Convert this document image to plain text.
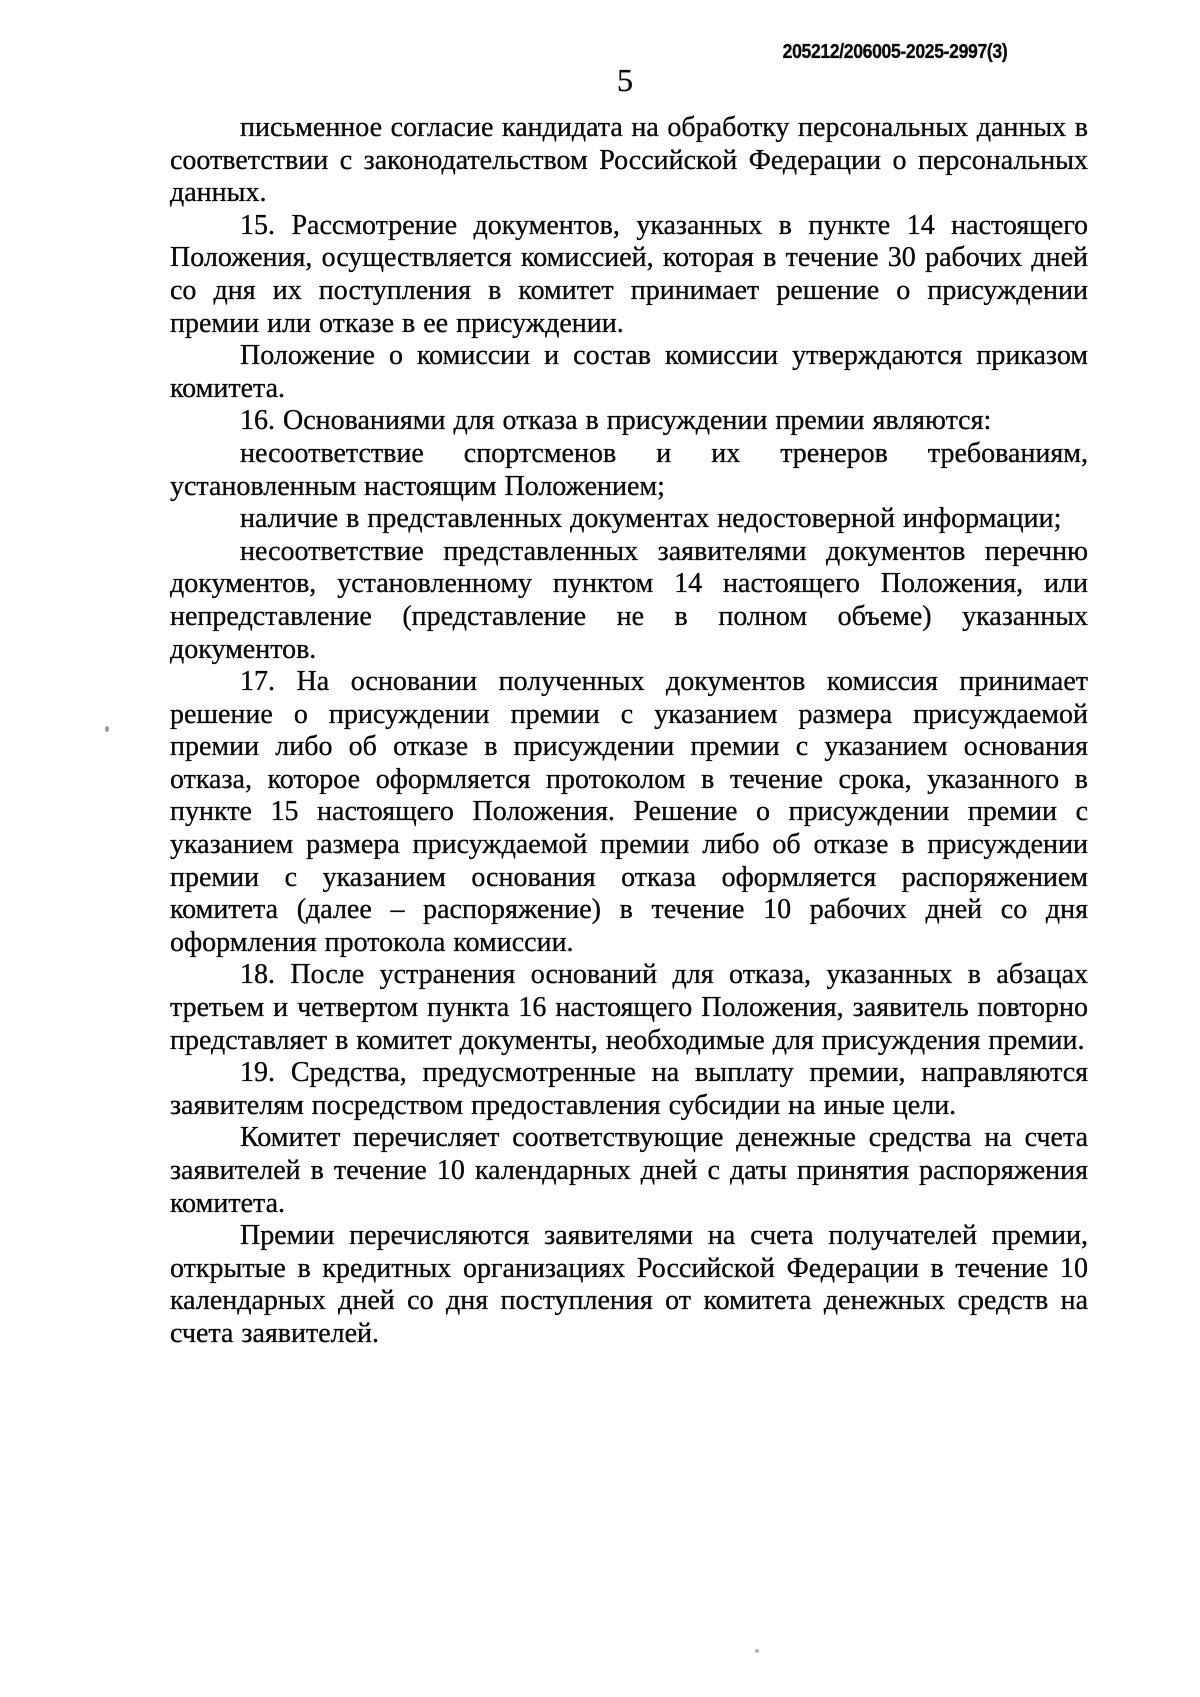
205212/206005-2025-2997(3)
5

письменное согласие кандидата на обработку персональных данных в соответствии с законодательством Российской Федерации о персональных данных.

15. Рассмотрение документов, указанных в пункте 14 настоящего Положения, осуществляется комиссией, которая в течение 30 рабочих дней со дня их поступления в комитет принимает решение о присуждении премии или отказе в ее присуждении.

Положение о комиссии и состав комиссии утверждаются приказом комитета.

16. Основаниями для отказа в присуждении премии являются:

несоответствие спортсменов и их тренеров требованиям, установленным настоящим Положением;

наличие в представленных документах недостоверной информации;

несоответствие представленных заявителями документов перечню документов, установленному пунктом 14 настоящего Положения, или непредставление (представление не в полном объеме) указанных документов.

17. На основании полученных документов комиссия принимает решение о присуждении премии с указанием размера присуждаемой премии либо об отказе в присуждении премии с указанием основания отказа, которое оформляется протоколом в течение срока, указанного в пункте 15 настоящего Положения. Решение о присуждении премии с указанием размера присуждаемой премии либо об отказе в присуждении премии с указанием основания отказа оформляется распоряжением комитета (далее – распоряжение) в течение 10 рабочих дней со дня оформления протокола комиссии.

18. После устранения оснований для отказа, указанных в абзацах третьем и четвертом пункта 16 настоящего Положения, заявитель повторно представляет в комитет документы, необходимые для присуждения премии.

19. Средства, предусмотренные на выплату премии, направляются заявителям посредством предоставления субсидии на иные цели.

Комитет перечисляет соответствующие денежные средства на счета заявителей в течение 10 календарных дней с даты принятия распоряжения комитета.

Премии перечисляются заявителями на счета получателей премии, открытые в кредитных организациях Российской Федерации в течение 10 календарных дней со дня поступления от комитета денежных средств на счета заявителей.
